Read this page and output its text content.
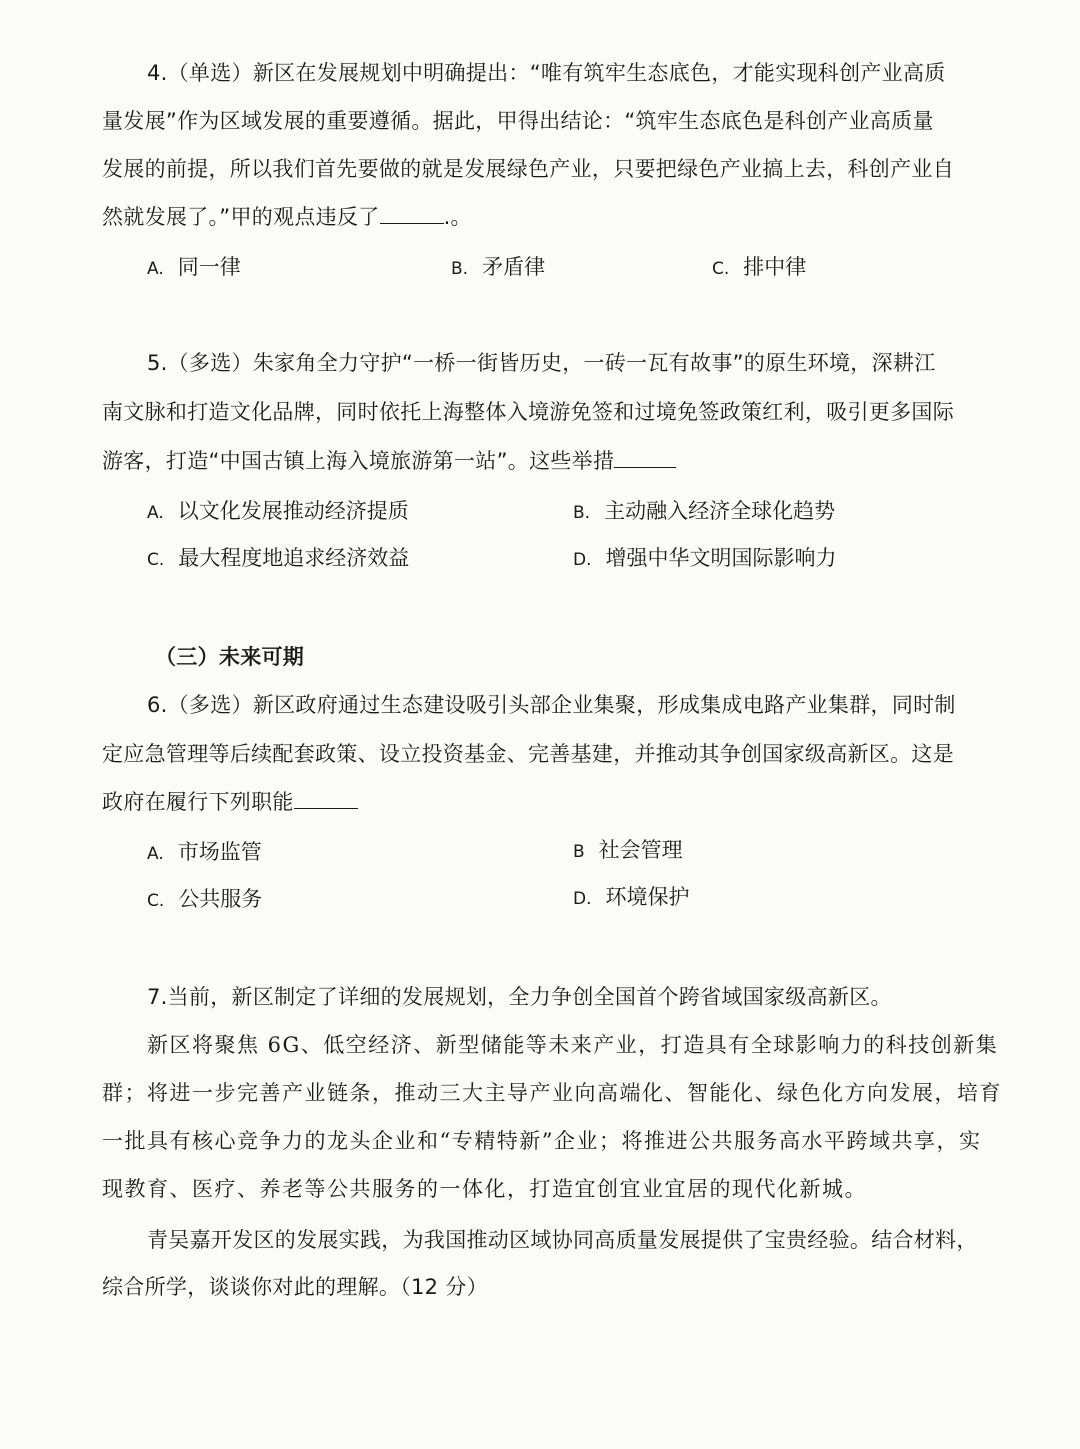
4.（单选）新区在发展规划中明确提出：“唯有筑牢生态底色，才能实现科创产业高质
量发展”作为区域发展的重要遵循。据此，甲得出结论：“筑牢生态底色是科创产业高质量
发展的前提，所以我们首先要做的就是发展绿色产业，只要把绿色产业搞上去，科创产业自
然就发展了。”甲的观点违反了	.。
A. 同一律	B. 矛盾律	C. 排中律
5.（多选）朱家角全力守护“一桥一街皆历史，一砖一瓦有故事”的原生环境，深耕江
南文脉和打造文化品牌，同时依托上海整体入境游免签和过境免签政策红利，吸引更多国际
游客，打造“中国古镇上海入境旅游第一站”。这些举措
A. 以文化发展推动经济提质	B. 主动融入经济全球化趋势
C. 最大程度地追求经济效益	D. 增强中华文明国际影响力
（三）未来可期
6.（多选）新区政府通过生态建设吸引头部企业集聚，形成集成电路产业集群，同时制
定应急管理等后续配套政策、设立投资基金、完善基建，并推动其争创国家级高新区。这是
政府在履行下列职能
A. 市场监管	B 社会管理
C. 公共服务	D. 环境保护
7.当前，新区制定了详细的发展规划，全力争创全国首个跨省域国家级高新区。
新区将聚焦 6G、低空经济、新型储能等未来产业，打造具有全球影响力的科技创新集
群；将进一步完善产业链条，推动三大主导产业向高端化、智能化、绿色化方向发展，培育
一批具有核心竞争力的龙头企业和“专精特新”企业；将推进公共服务高水平跨域共享，实
现教育、医疗、养老等公共服务的一体化，打造宜创宜业宜居的现代化新城。
青吴嘉开发区的发展实践，为我国推动区域协同高质量发展提供了宝贵经验。结合材料，
综合所学，谈谈你对此的理解。（12 分）
